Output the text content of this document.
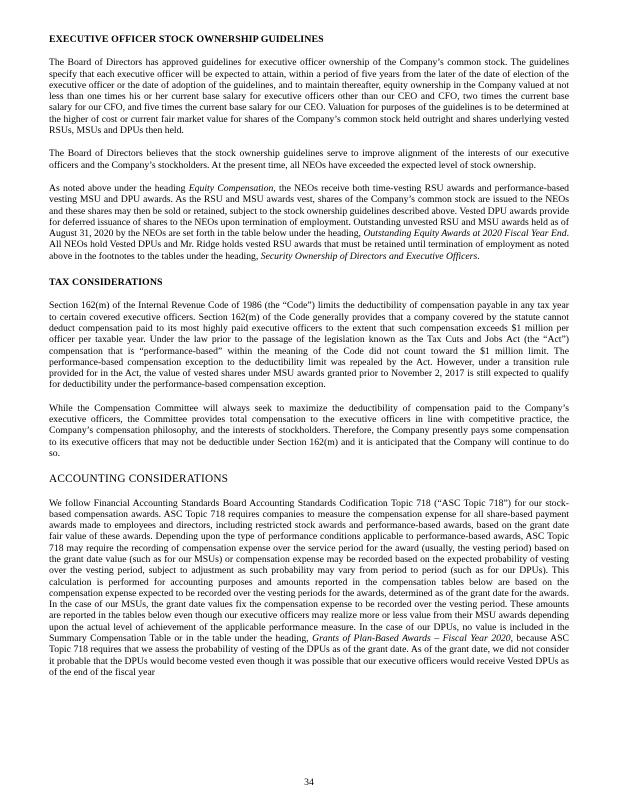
EXECUTIVE OFFICER STOCK OWNERSHIP GUIDELINES

The Board of Directors has approved guidelines for executive officer ownership of the Company’s common stock. The guidelines specify that each executive officer will be expected to attain, within a period of five years from the later of the date of election of the executive officer or the date of adoption of the guidelines, and to maintain thereafter, equity ownership in the Company valued at not less than one times his or her current base salary for executive officers other than our CEO and CFO, two times the current base salary for our CFO, and five times the current base salary for our CEO. Valuation for purposes of the guidelines is to be determined at the higher of cost or current fair market value for shares of the Company’s common stock held outright and shares underlying vested RSUs, MSUs and DPUs then held.

The Board of Directors believes that the stock ownership guidelines serve to improve alignment of the interests of our executive officers and the Company’s stockholders. At the present time, all NEOs have exceeded the expected level of stock ownership.

As noted above under the heading Equity Compensation, the NEOs receive both time-vesting RSU awards and performance-based vesting MSU and DPU awards. As the RSU and MSU awards vest, shares of the Company’s common stock are issued to the NEOs and these shares may then be sold or retained, subject to the stock ownership guidelines described above. Vested DPU awards provide for deferred issuance of shares to the NEOs upon termination of employment. Outstanding unvested RSU and MSU awards held as of August 31, 2020 by the NEOs are set forth in the table below under the heading, Outstanding Equity Awards at 2020 Fiscal Year End. All NEOs hold Vested DPUs and Mr. Ridge holds vested RSU awards that must be retained until termination of employment as noted above in the footnotes to the tables under the heading, Security Ownership of Directors and Executive Officers.

TAX CONSIDERATIONS

Section 162(m) of the Internal Revenue Code of 1986 (the “Code”) limits the deductibility of compensation payable in any tax year to certain covered executive officers. Section 162(m) of the Code generally provides that a company covered by the statute cannot deduct compensation paid to its most highly paid executive officers to the extent that such compensation exceeds $1 million per officer per taxable year. Under the law prior to the passage of the legislation known as the Tax Cuts and Jobs Act (the “Act”) compensation that is “performance-based” within the meaning of the Code did not count toward the $1 million limit. The performance-based compensation exception to the deductibility limit was repealed by the Act. However, under a transition rule provided for in the Act, the value of vested shares under MSU awards granted prior to November 2, 2017 is still expected to qualify for deductibility under the performance-based compensation exception.

While the Compensation Committee will always seek to maximize the deductibility of compensation paid to the Company’s executive officers, the Committee provides total compensation to the executive officers in line with competitive practice, the Company’s compensation philosophy, and the interests of stockholders. Therefore, the Company presently pays some compensation to its executive officers that may not be deductible under Section 162(m) and it is anticipated that the Company will continue to do so.

ACCOUNTING CONSIDERATIONS

We follow Financial Accounting Standards Board Accounting Standards Codification Topic 718 (“ASC Topic 718”) for our stock-based compensation awards. ASC Topic 718 requires companies to measure the compensation expense for all share-based payment awards made to employees and directors, including restricted stock awards and performance-based awards, based on the grant date fair value of these awards. Depending upon the type of performance conditions applicable to performance-based awards, ASC Topic 718 may require the recording of compensation expense over the service period for the award (usually, the vesting period) based on the grant date value (such as for our MSUs) or compensation expense may be recorded based on the expected probability of vesting over the vesting period, subject to adjustment as such probability may vary from period to period (such as for our DPUs). This calculation is performed for accounting purposes and amounts reported in the compensation tables below are based on the compensation expense expected to be recorded over the vesting periods for the awards, determined as of the grant date for the awards. In the case of our MSUs, the grant date values fix the compensation expense to be recorded over the vesting period. These amounts are reported in the tables below even though our executive officers may realize more or less value from their MSU awards depending upon the actual level of achievement of the applicable performance measure. In the case of our DPUs, no value is included in the Summary Compensation Table or in the table under the heading, Grants of Plan-Based Awards – Fiscal Year 2020, because ASC Topic 718 requires that we assess the probability of vesting of the DPUs as of the grant date. As of the grant date, we did not consider it probable that the DPUs would become vested even though it was possible that our executive officers would receive Vested DPUs as of the end of the fiscal year

34
